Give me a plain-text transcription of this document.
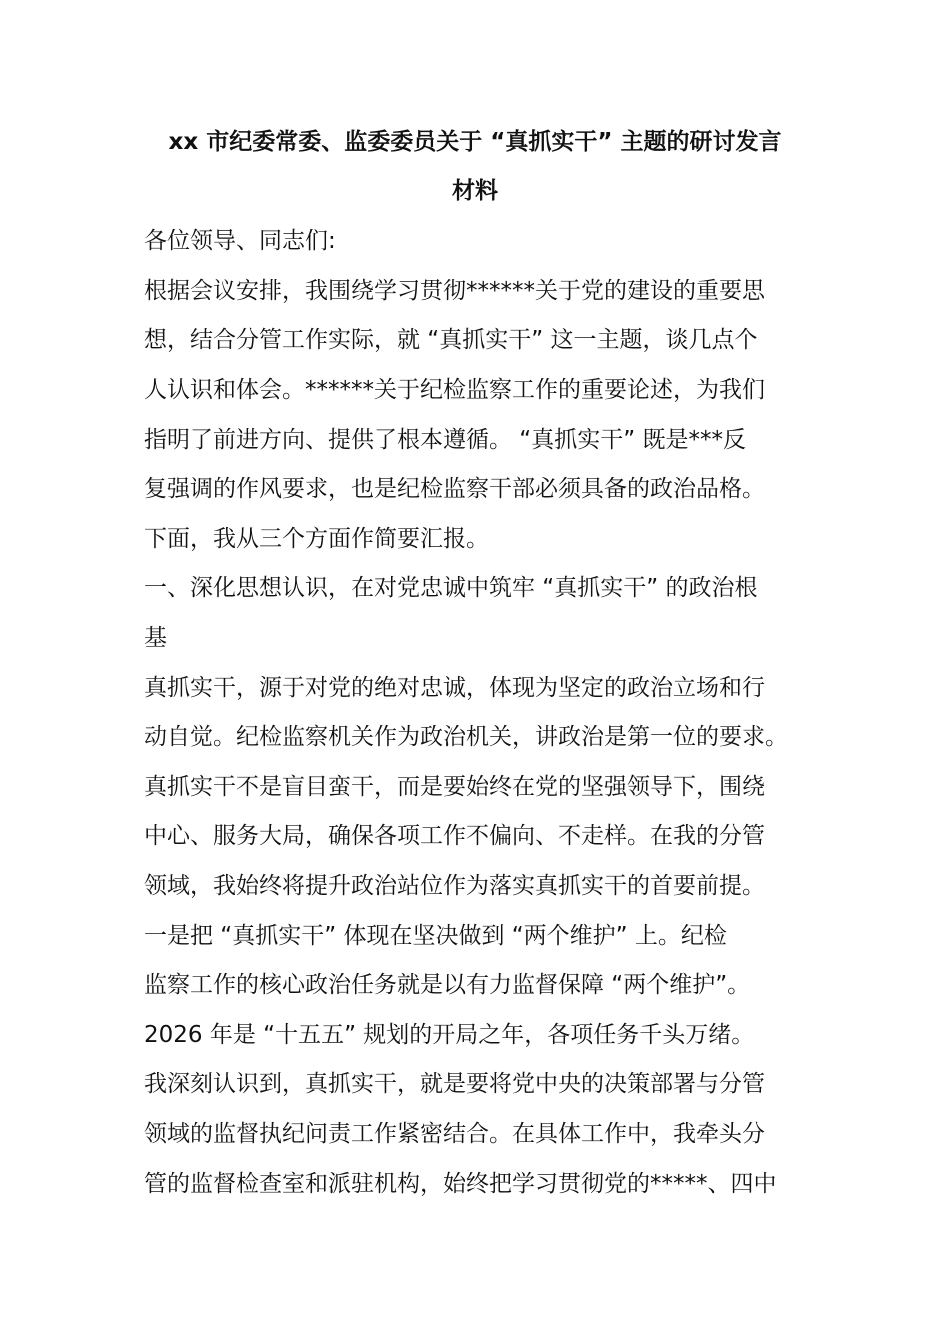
xx 市纪委常委、监委委员关于 “真抓实干” 主题的研讨发言
材料

各位领导、同志们:

根据会议安排，我围绕学习贯彻******关于党的建设的重要思

想，结合分管工作实际，就 “真抓实干” 这一主题，谈几点个

人认识和体会。******关于纪检监察工作的重要论述，为我们

指明了前进方向、提供了根本遵循。 “真抓实干” 既是***反

复强调的作风要求，也是纪检监察干部必须具备的政治品格。

下面，我从三个方面作简要汇报。

一、深化思想认识，在对党忠诚中筑牢 “真抓实干” 的政治根

基

真抓实干，源于对党的绝对忠诚，体现为坚定的政治立场和行

动自觉。纪检监察机关作为政治机关，讲政治是第一位的要求。

真抓实干不是盲目蛮干，而是要始终在党的坚强领导下，围绕

中心、服务大局，确保各项工作不偏向、不走样。在我的分管

领域，我始终将提升政治站位作为落实真抓实干的首要前提。

一是把 “真抓实干” 体现在坚决做到 “两个维护” 上。纪检

监察工作的核心政治任务就是以有力监督保障 “两个维护”。

2026 年是 “十五五” 规划的开局之年，各项任务千头万绪。

我深刻认识到，真抓实干，就是要将党中央的决策部署与分管

领域的监督执纪问责工作紧密结合。在具体工作中，我牵头分

管的监督检查室和派驻机构，始终把学习贯彻党的*****、四中
